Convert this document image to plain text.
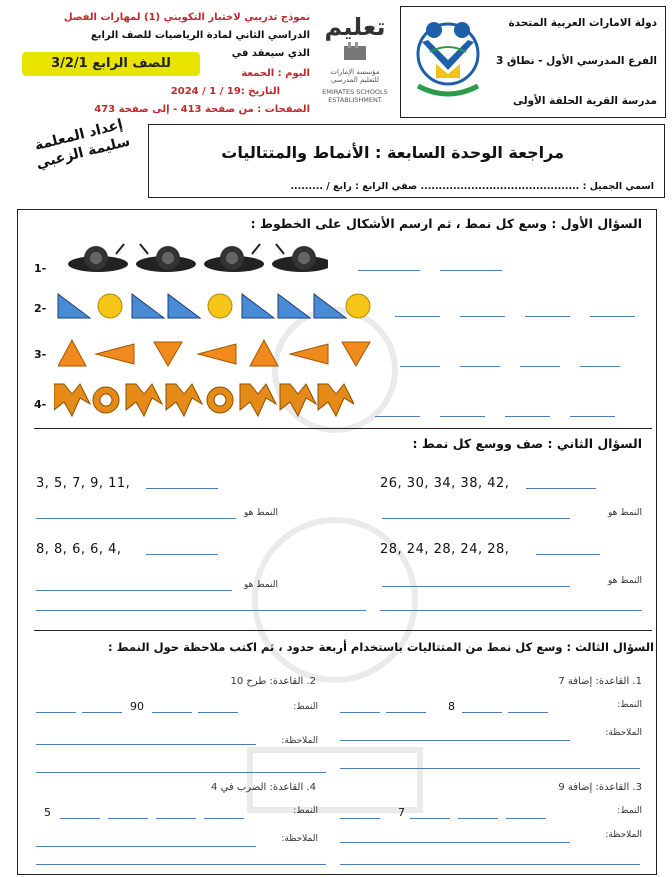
دولة الامارات العربية المتحدة
الفرع المدرسي الأول - نطاق 3
مدرسة القرية الحلقة الأولى
تعليم
مؤسسة الإمارات للتعليم المدرسي
EMIRATES SCHOOLS
ESTABLISHMENT
نموذج تدريبي لاختبار التكويني (1) لمهارات الفصل
الدراسي الثاني لمادة الرياضيات للصف الرابع
الذي سيعقد في
اليوم : الجمعة
التاريخ :19 / 1 / 2024
الصفحات : من صفحة 413 - إلى صفحة 473
للصف الرابع 3/2/1
إعداد المعلمة سليمة الزعبي	مراجعة الوحدة السابعة : الأنماط والمتتاليات
اسمي الجميل : ............................................ صفي الرابع : رابع / .........
السؤال الأول : وسع كل نمط ، ثم ارسم الأشكال على الخطوط :
1-
2-
3-
4-
السؤال الثاني : صف ووسع كل نمط :
26, 30, 34, 38, 42,
3, 5, 7, 9, 11,
النمط هو
النمط هو
28, 24, 28, 24, 28,
8, 8, 6, 6, 4,
النمط هو
النمط هو
السؤال الثالث : وسع كل نمط من المتتاليات باستخدام أربعة حدود ، ثم اكتب ملاحظة حول النمط :
1. القاعدة: إضافة 7
2. القاعدة: طرح 10
النمط:
8
النمط:
90
الملاحظة:
الملاحظة:
3. القاعدة: إضافة 9
4. القاعدة: الضرب في 4
النمط:
7
النمط:
5
الملاحظة:
الملاحظة:
